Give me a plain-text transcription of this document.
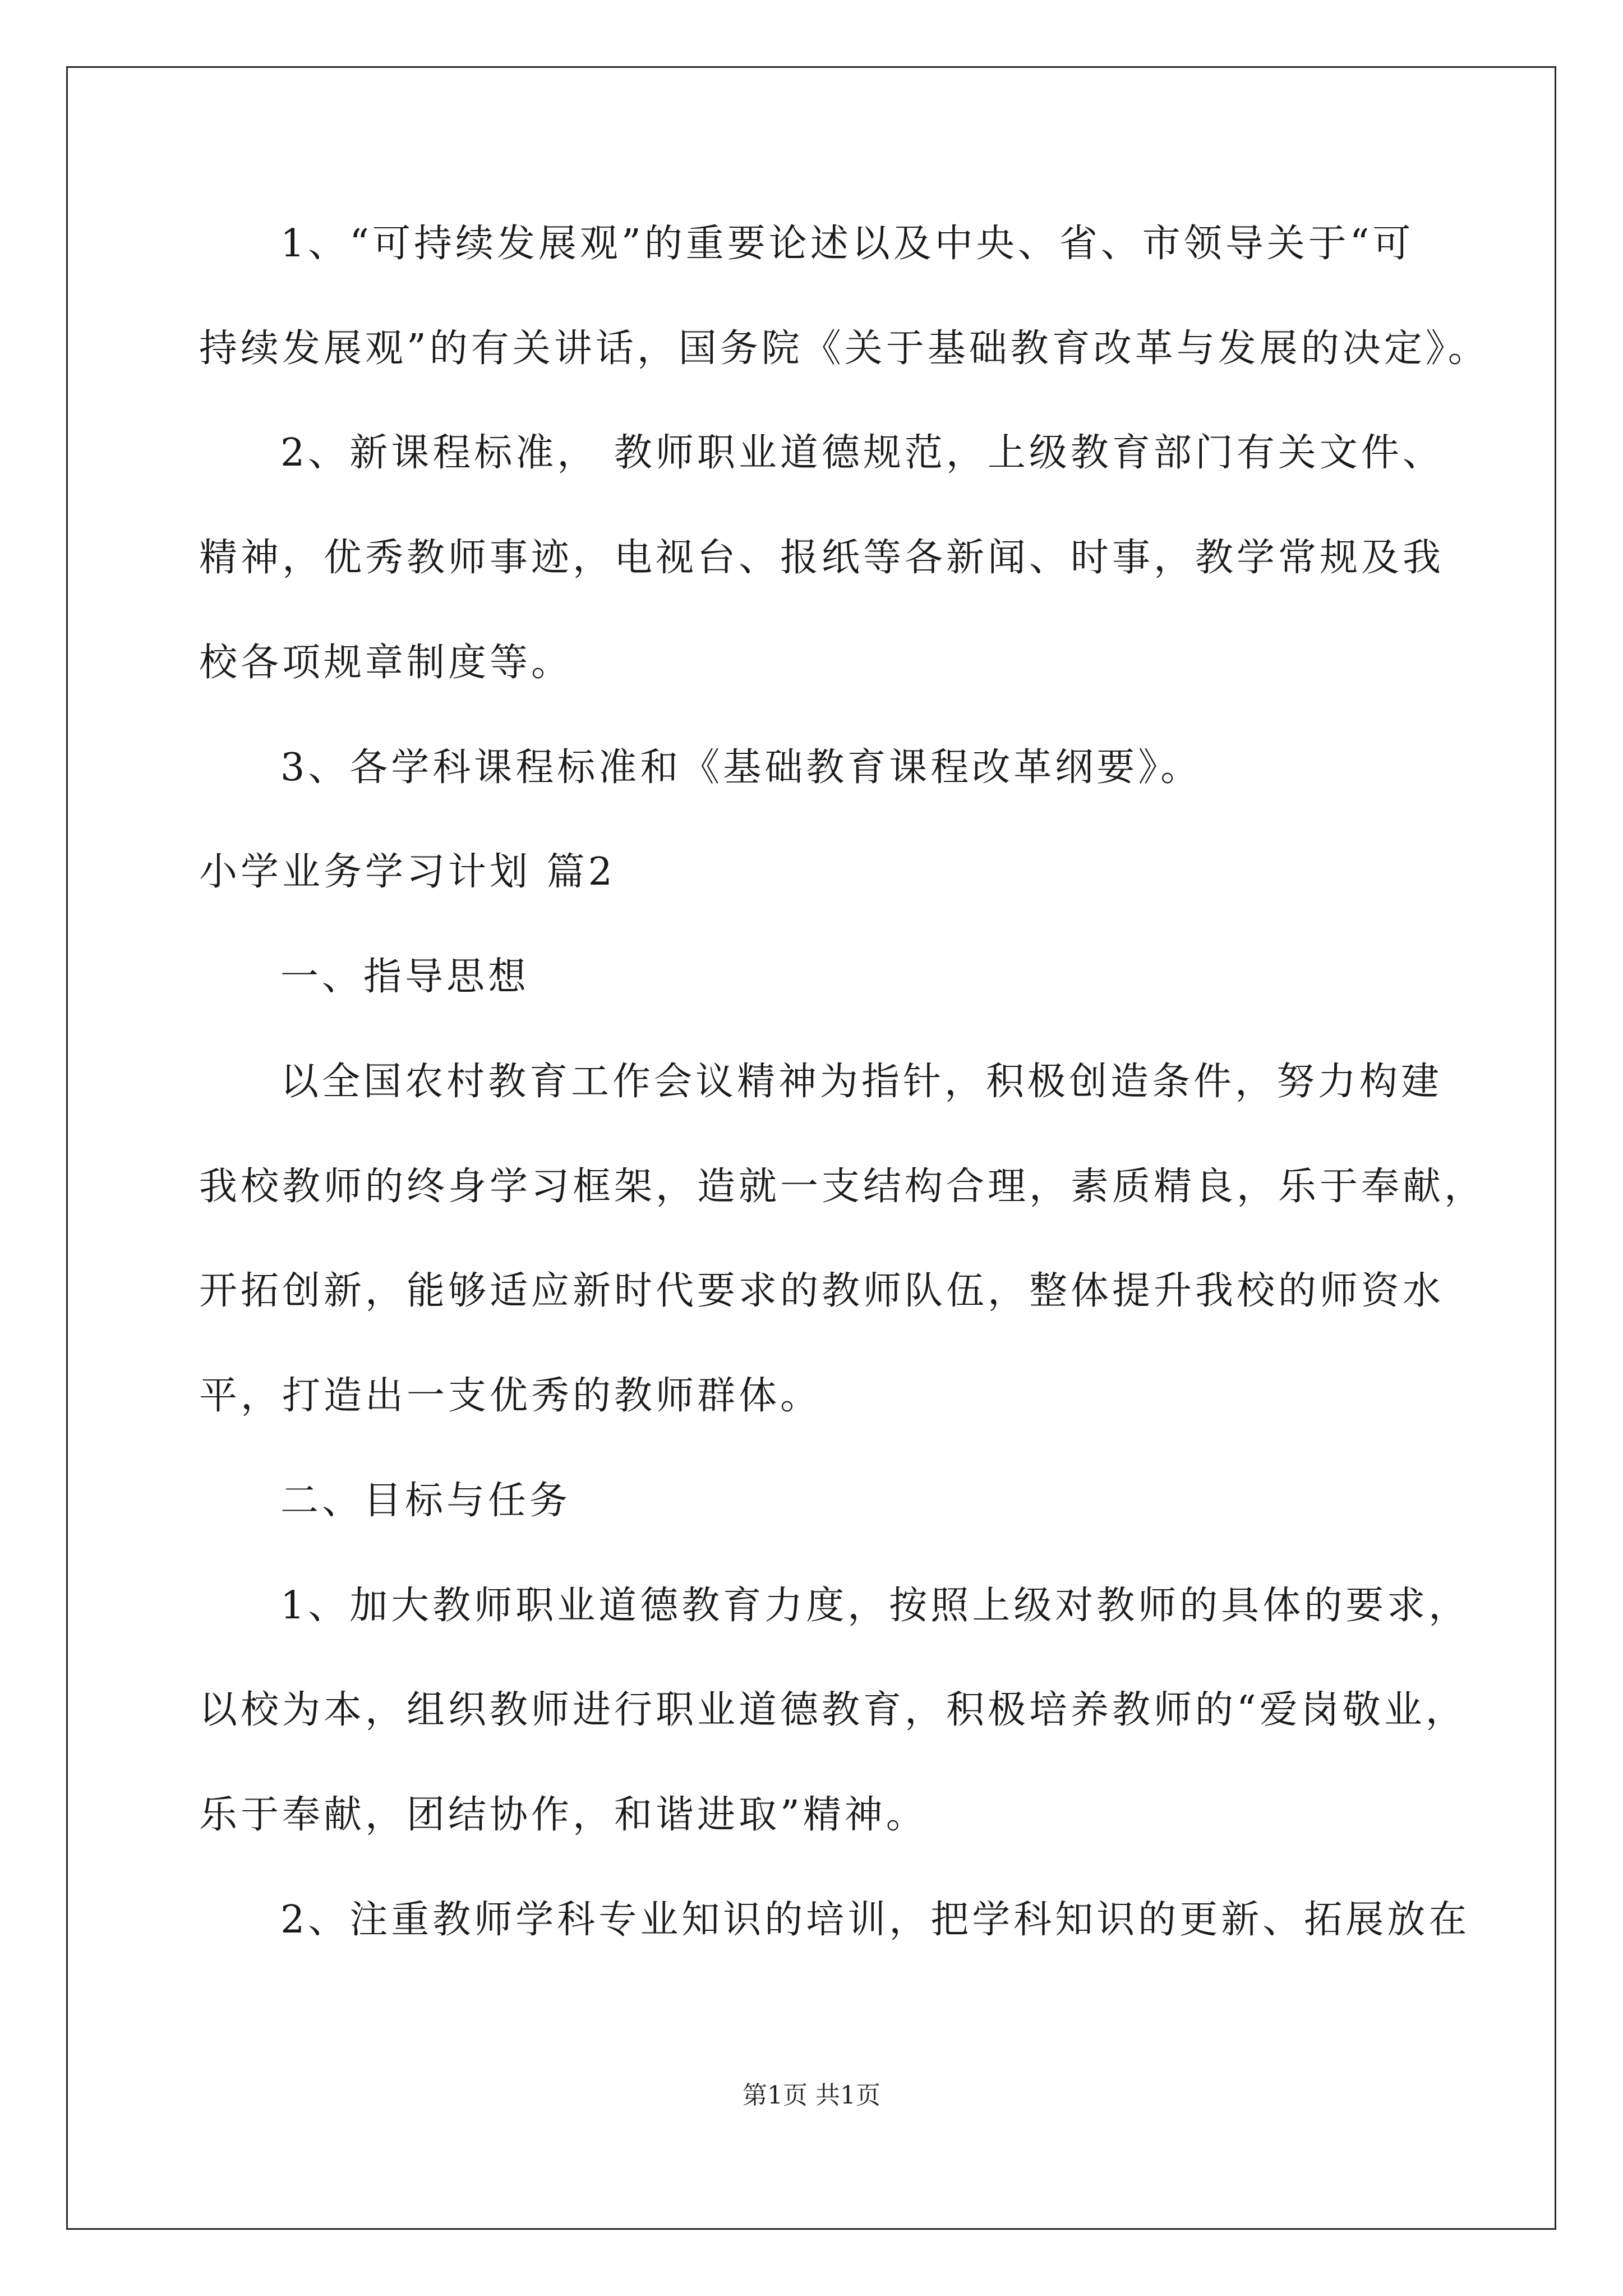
1、“可持续发展观”的重要论述以及中央、省、市领导关于“可
持续发展观”的有关讲话，国务院《关于基础教育改革与发展的决定》。
2、新课程标准， 教师职业道德规范，上级教育部门有关文件、
精神，优秀教师事迹，电视台、报纸等各新闻、时事，教学常规及我
校各项规章制度等。
3、各学科课程标准和《基础教育课程改革纲要》。
小学业务学习计划 篇2
一、指导思想
以全国农村教育工作会议精神为指针，积极创造条件，努力构建
我校教师的终身学习框架，造就一支结构合理，素质精良，乐于奉献，
开拓创新，能够适应新时代要求的教师队伍，整体提升我校的师资水
平，打造出一支优秀的教师群体。
二、目标与任务
1、加大教师职业道德教育力度，按照上级对教师的具体的要求，
以校为本，组织教师进行职业道德教育，积极培养教师的“爱岗敬业，
乐于奉献，团结协作，和谐进取”精神。
2、注重教师学科专业知识的培训，把学科知识的更新、拓展放在
第1页 共1页
